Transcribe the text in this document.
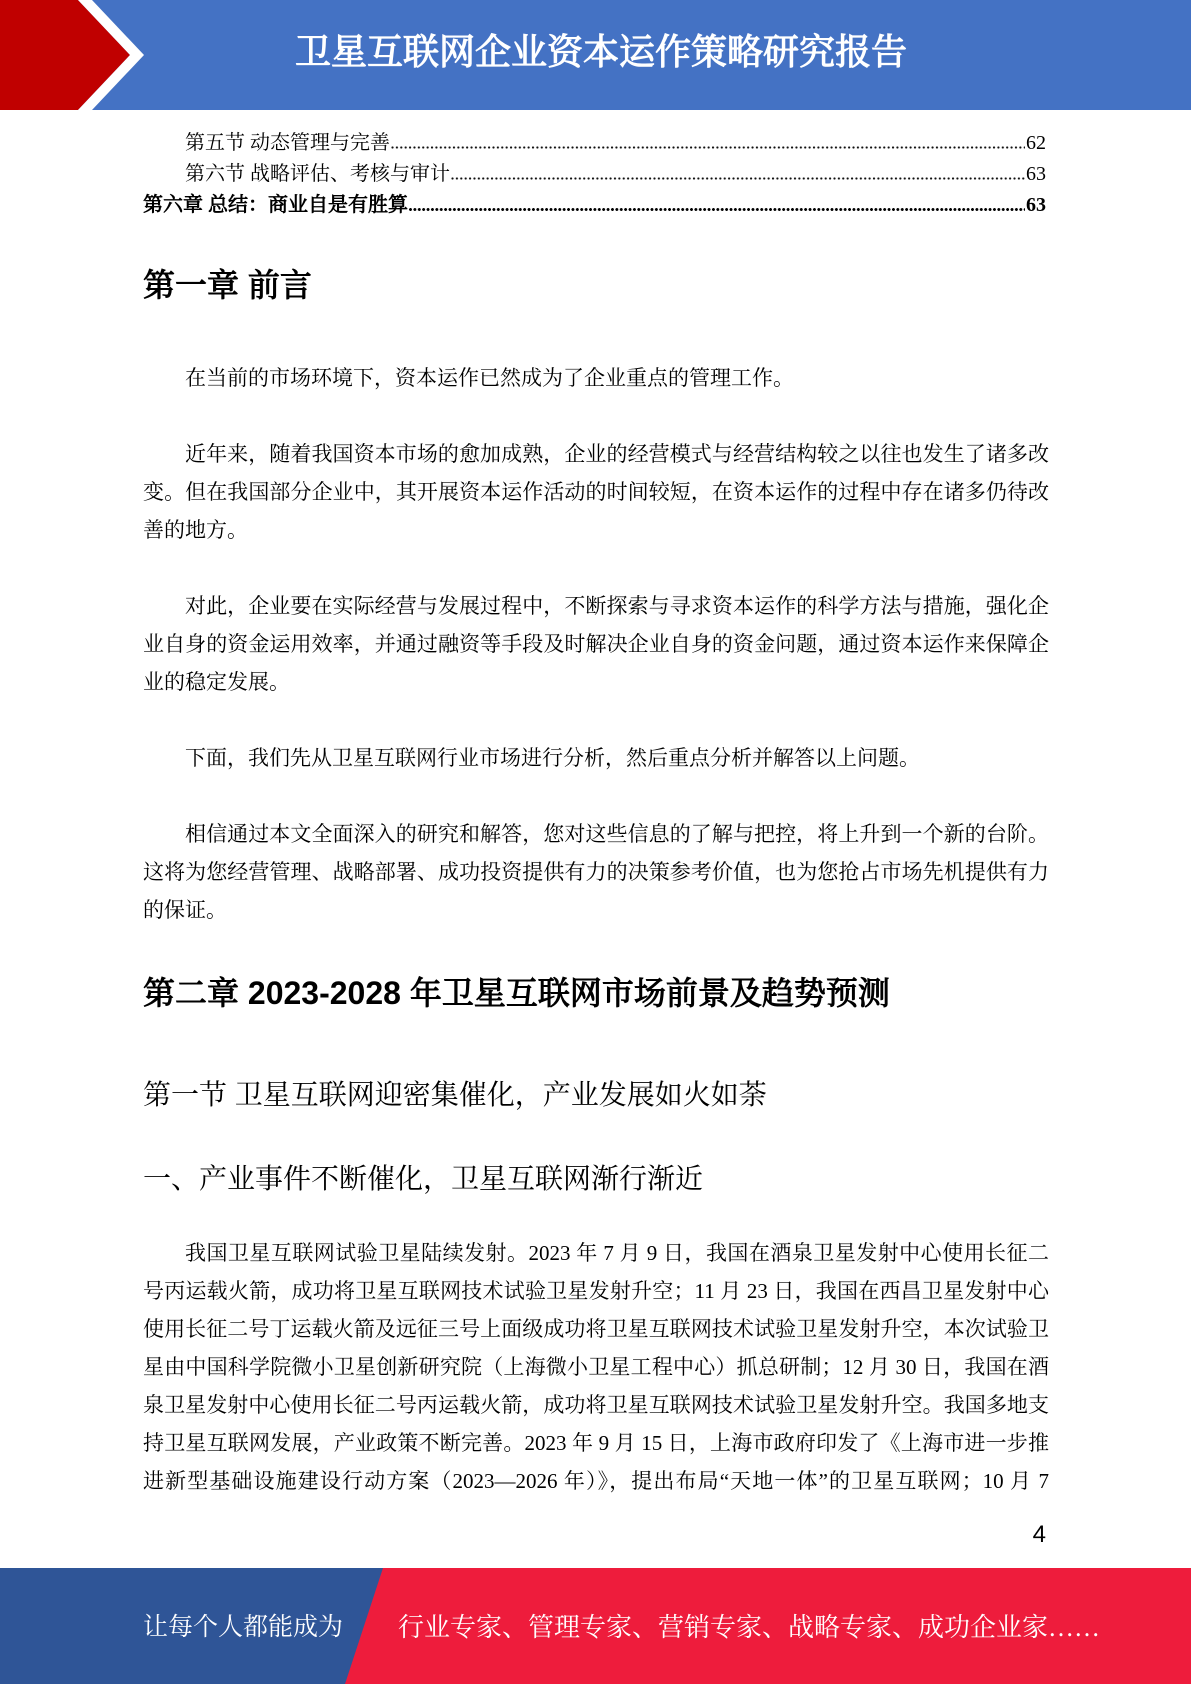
卫星互联网企业资本运作策略研究报告
第五节 动态管理与完善	62
第六节 战略评估、考核与审计	63
第六章 总结：商业自是有胜算	63
第一章 前言
在当前的市场环境下，资本运作已然成为了企业重点的管理工作。
近年来，随着我国资本市场的愈加成熟，企业的经营模式与经营结构较之以往也发生了诸多改
变。但在我国部分企业中，其开展资本运作活动的时间较短，在资本运作的过程中存在诸多仍待改
善的地方。
对此，企业要在实际经营与发展过程中，不断探索与寻求资本运作的科学方法与措施，强化企
业自身的资金运用效率，并通过融资等手段及时解决企业自身的资金问题，通过资本运作来保障企
业的稳定发展。
下面，我们先从卫星互联网行业市场进行分析，然后重点分析并解答以上问题。
相信通过本文全面深入的研究和解答，您对这些信息的了解与把控，将上升到一个新的台阶。
这将为您经营管理、战略部署、成功投资提供有力的决策参考价值，也为您抢占市场先机提供有力
的保证。
第二章 2023-2028 年卫星互联网市场前景及趋势预测
第一节 卫星互联网迎密集催化，产业发展如火如荼
一、产业事件不断催化，卫星互联网渐行渐近
我国卫星互联网试验卫星陆续发射。2023 年 7 月 9 日，我国在酒泉卫星发射中心使用长征二
号丙运载火箭，成功将卫星互联网技术试验卫星发射升空；11 月 23 日，我国在西昌卫星发射中心
使用长征二号丁运载火箭及远征三号上面级成功将卫星互联网技术试验卫星发射升空，本次试验卫
星由中国科学院微小卫星创新研究院（上海微小卫星工程中心）抓总研制；12 月 30 日，我国在酒
泉卫星发射中心使用长征二号丙运载火箭，成功将卫星互联网技术试验卫星发射升空。我国多地支
持卫星互联网发展，产业政策不断完善。2023 年 9 月 15 日，上海市政府印发了《上海市进一步推
进新型基础设施建设行动方案（2023—2026 年）》，提出布局“天地一体”的卫星互联网；10 月 7
4
让每个人都能成为 行业专家、管理专家、营销专家、战略专家、成功企业家……
